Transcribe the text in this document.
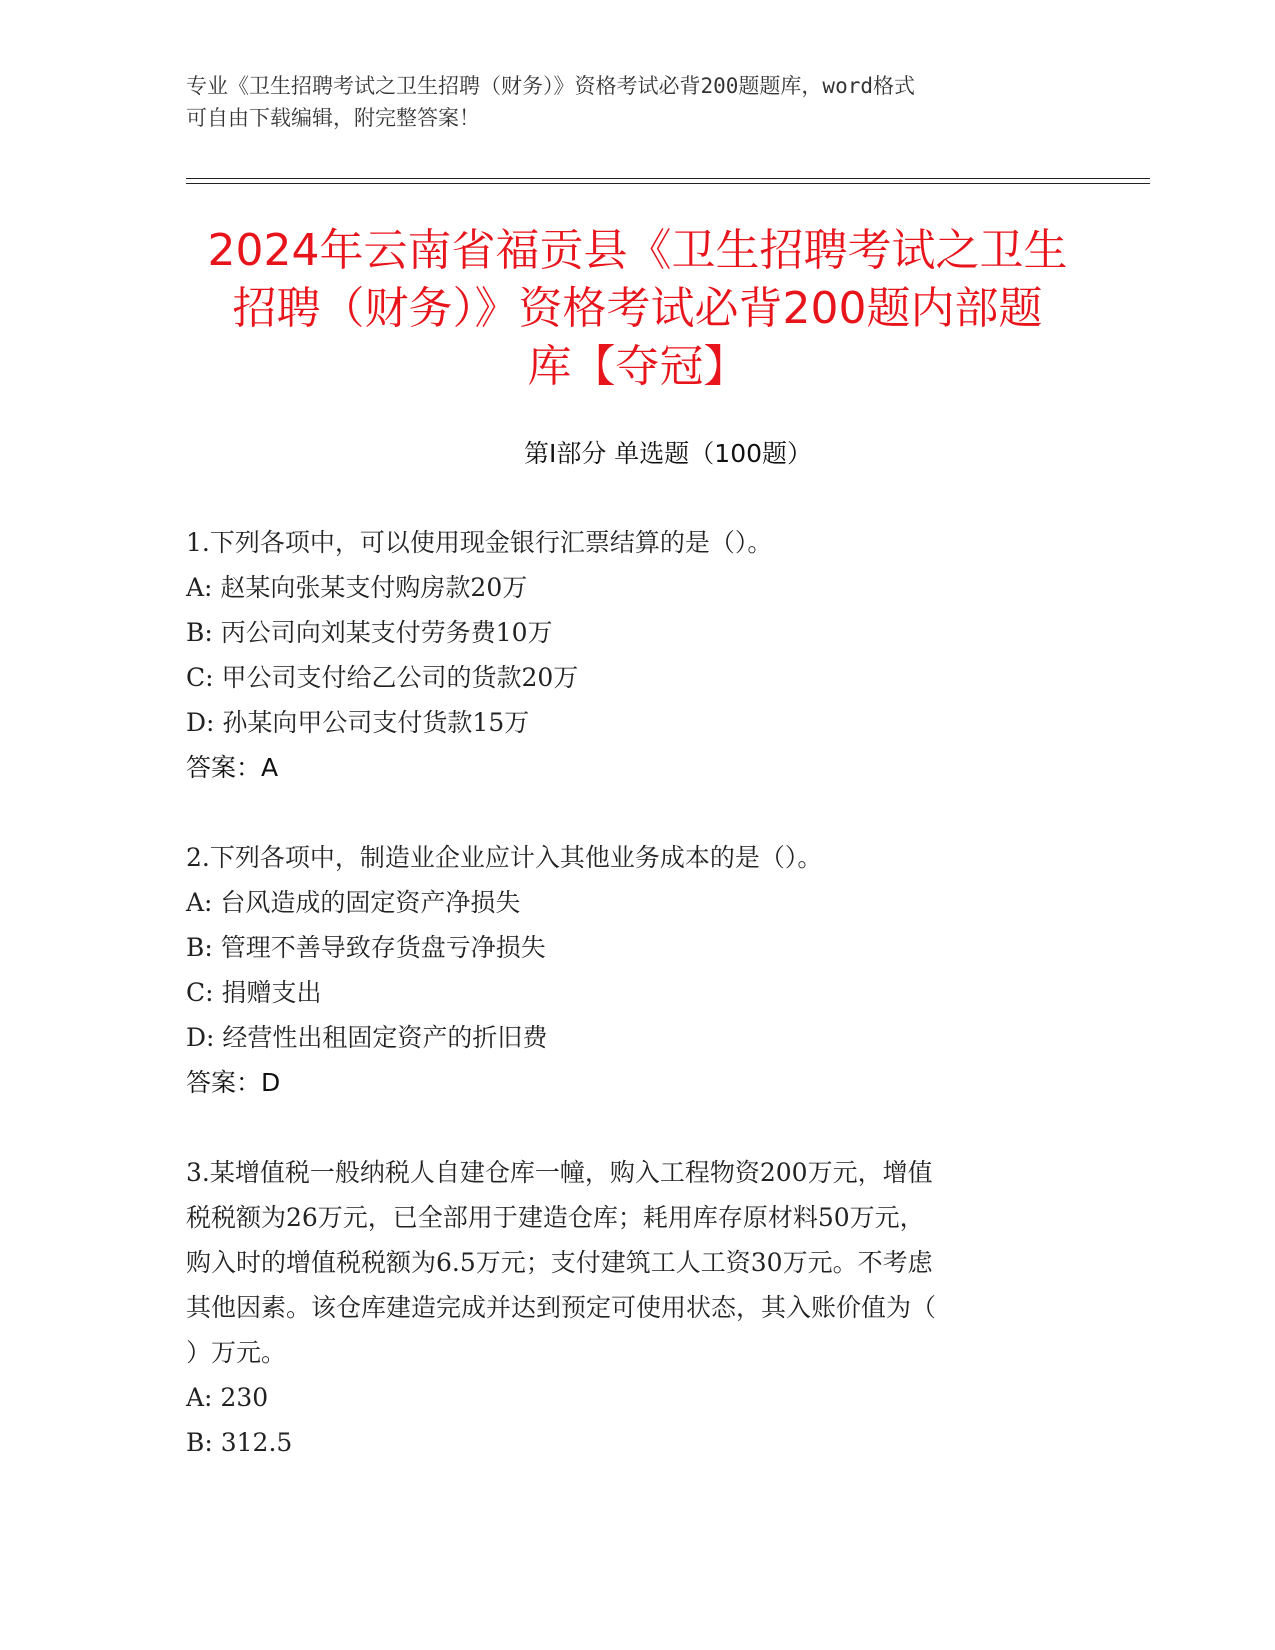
专业《卫生招聘考试之卫生招聘（财务）》资格考试必背200题题库，word格式
可自由下载编辑，附完整答案！
2024年云南省福贡县《卫生招聘考试之卫生
招聘（财务）》资格考试必背200题内部题
库【夺冠】
第Ⅰ部分 单选题（100题）
1.下列各项中，可以使用现金银行汇票结算的是（）。
A: 赵某向张某支付购房款20万
B: 丙公司向刘某支付劳务费10万
C: 甲公司支付给乙公司的货款20万
D: 孙某向甲公司支付货款15万
答案：A
2.下列各项中，制造业企业应计入其他业务成本的是（）。
A: 台风造成的固定资产净损失
B: 管理不善导致存货盘亏净损失
C: 捐赠支出
D: 经营性出租固定资产的折旧费
答案：D
3.某增值税一般纳税人自建仓库一幢，购入工程物资200万元，增值
税税额为26万元，已全部用于建造仓库；耗用库存原材料50万元，
购入时的增值税税额为6.5万元；支付建筑工人工资30万元。不考虑
其他因素。该仓库建造完成并达到预定可使用状态，其入账价值为（
）万元。
A: 230
B: 312.5
